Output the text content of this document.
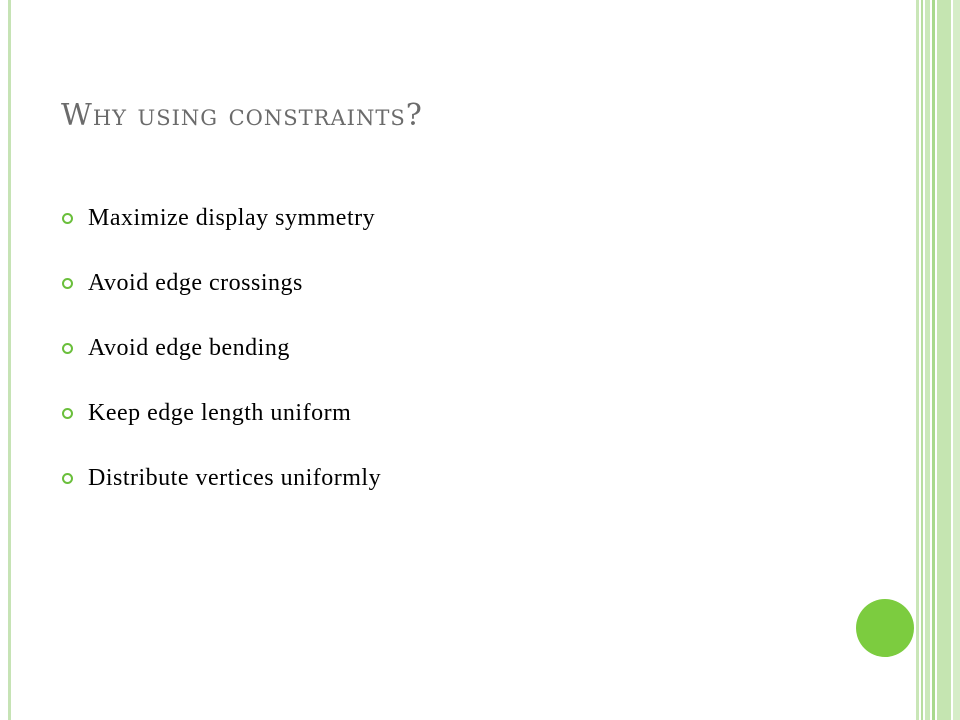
Why using constraints?
Maximize display symmetry
Avoid edge crossings
Avoid edge bending
Keep edge length uniform
Distribute vertices uniformly
